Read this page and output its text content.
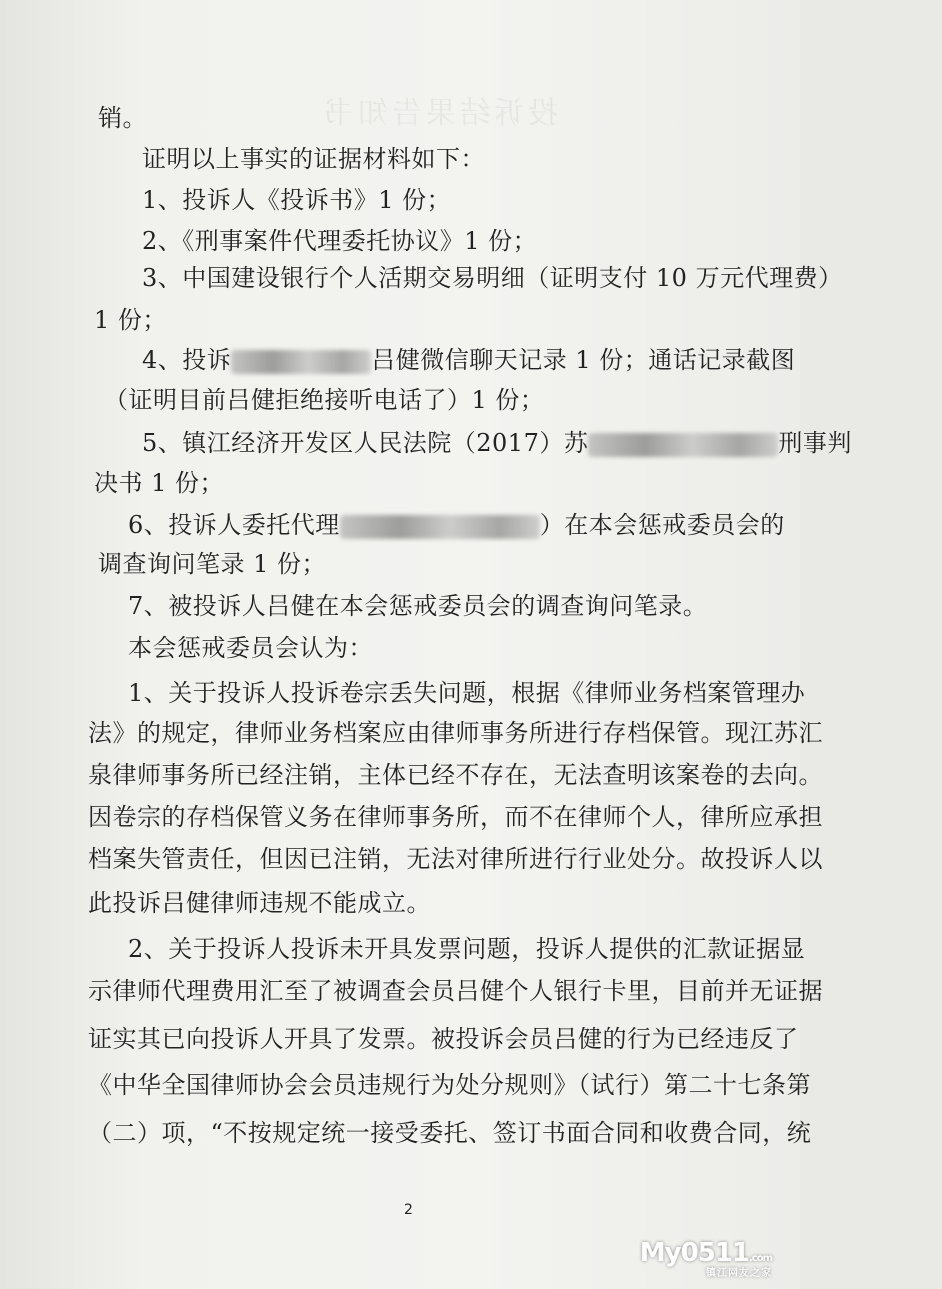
投诉结果告知书
销。
证明以上事实的证据材料如下：
1、投诉人《投诉书》1 份；
2、《刑事案件代理委托协议》1 份；
3、中国建设银行个人活期交易明细（证明支付 10 万元代理费）
1 份；
4、投诉	吕健微信聊天记录 1 份；通话记录截图
（证明目前吕健拒绝接听电话了）1 份；
5、镇江经济开发区人民法院（2017）苏	刑事判
决书 1 份；
6、投诉人委托代理	）在本会惩戒委员会的
调查询问笔录 1 份；
7、被投诉人吕健在本会惩戒委员会的调查询问笔录。
本会惩戒委员会认为：
1、关于投诉人投诉卷宗丢失问题，根据《律师业务档案管理办
法》的规定，律师业务档案应由律师事务所进行存档保管。现江苏汇
泉律师事务所已经注销，主体已经不存在，无法查明该案卷的去向。
因卷宗的存档保管义务在律师事务所，而不在律师个人，律所应承担
档案失管责任，但因已注销，无法对律所进行行业处分。故投诉人以
此投诉吕健律师违规不能成立。
2、关于投诉人投诉未开具发票问题，投诉人提供的汇款证据显
示律师代理费用汇至了被调查会员吕健个人银行卡里，目前并无证据
证实其已向投诉人开具了发票。被投诉会员吕健的行为已经违反了
《中华全国律师协会会员违规行为处分规则》（试行）第二十七条第
（二）项，“不按规定统一接受委托、签订书面合同和收费合同，统
2
My0511.com
镇江网友之家
